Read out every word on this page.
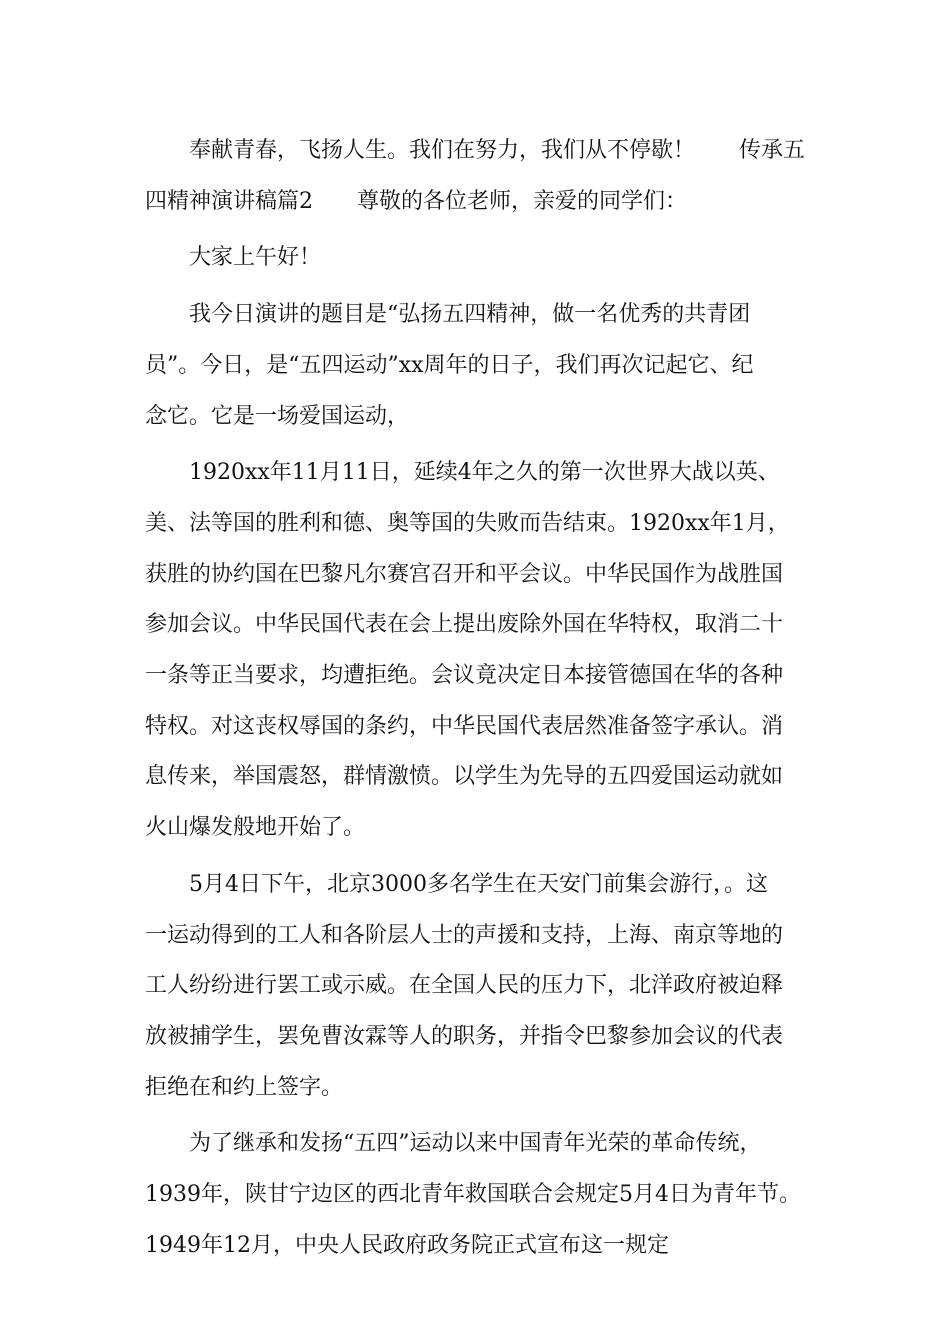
奉献青春，飞扬人生。我们在努力，我们从不停歇！　　传承五
四精神演讲稿篇2　　尊敬的各位老师，亲爱的同学们：

大家上午好！

我今日演讲的题目是“弘扬五四精神，做一名优秀的共青团
员”。今日，是“五四运动”xx周年的日子，我们再次记起它、纪
念它。它是一场爱国运动，

1920xx年11月11日，延续4年之久的第一次世界大战以英、
美、法等国的胜利和德、奥等国的失败而告结束。1920xx年1月，
获胜的协约国在巴黎凡尔赛宫召开和平会议。中华民国作为战胜国
参加会议。中华民国代表在会上提出废除外国在华特权，取消二十
一条等正当要求，均遭拒绝。会议竟决定日本接管德国在华的各种
特权。对这丧权辱国的条约，中华民国代表居然准备签字承认。消
息传来，举国震怒，群情激愤。以学生为先导的五四爱国运动就如
火山爆发般地开始了。

5月4日下午，北京3000多名学生在天安门前集会游行，。这
一运动得到的工人和各阶层人士的声援和支持，上海、南京等地的
工人纷纷进行罢工或示威。在全国人民的压力下，北洋政府被迫释
放被捕学生，罢免曹汝霖等人的职务，并指令巴黎参加会议的代表
拒绝在和约上签字。

为了继承和发扬“五四”运动以来中国青年光荣的革命传统，
1939年，陕甘宁边区的西北青年救国联合会规定5月4日为青年节。
1949年12月，中央人民政府政务院正式宣布这一规定
